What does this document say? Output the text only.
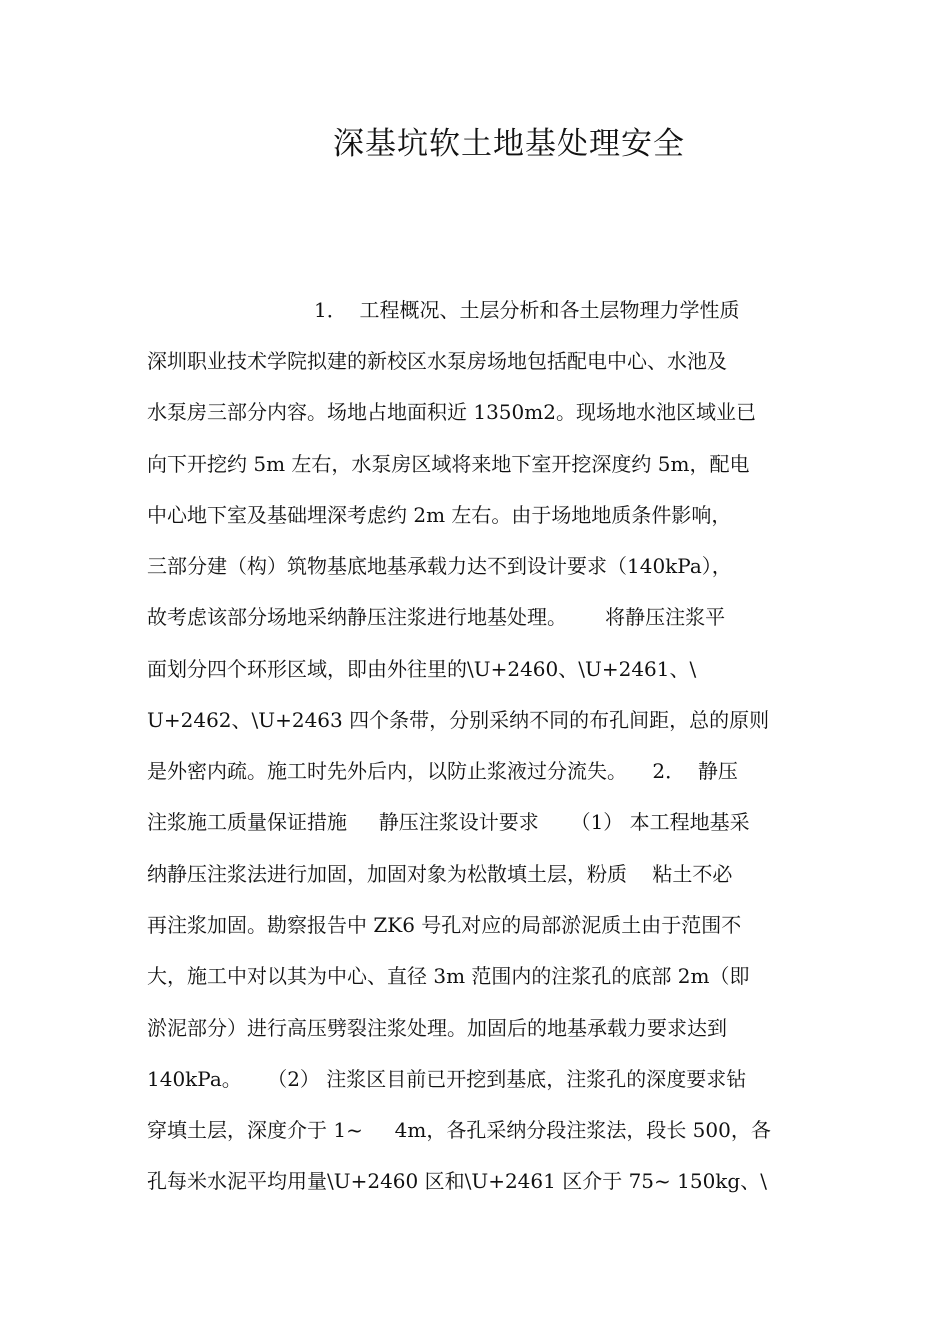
深基坑软土地基处理安全
1．  工程概况、土层分析和各土层物理力学性质
深圳职业技术学院拟建的新校区水泵房场地包括配电中心、水池及
水泵房三部分内容。场地占地面积近 1350m2。现场地水池区域业已
向下开挖约 5m 左右，水泵房区域将来地下室开挖深度约 5m，配电
中心地下室及基础埋深考虑约 2m 左右。由于场地地质条件影响，
三部分建（构）筑物基底地基承载力达不到设计要求（140kPa），
故考虑该部分场地采纳静压注浆进行地基处理。      将静压注浆平
面划分四个环形区域，即由外往里的\U+2460、\U+2461、\
U+2462、\U+2463 四个条带，分别采纳不同的布孔间距，总的原则
是外密内疏。施工时先外后内，以防止浆液过分流失。    2．  静压
注浆施工质量保证措施     静压注浆设计要求     （1） 本工程地基采
纳静压注浆法进行加固，加固对象为松散填土层，粉质    粘土不必
再注浆加固。勘察报告中 ZK6 号孔对应的局部淤泥质土由于范围不
大，施工中对以其为中心、直径 3m 范围内的注浆孔的底部 2m（即
淤泥部分）进行高压劈裂注浆处理。加固后的地基承载力要求达到
140kPa。    （2） 注浆区目前已开挖到基底，注浆孔的深度要求钻
穿填土层，深度介于 1~     4m，各孔采纳分段注浆法，段长 500，各
孔每米水泥平均用量\U+2460 区和\U+2461 区介于 75~ 150kg、\
